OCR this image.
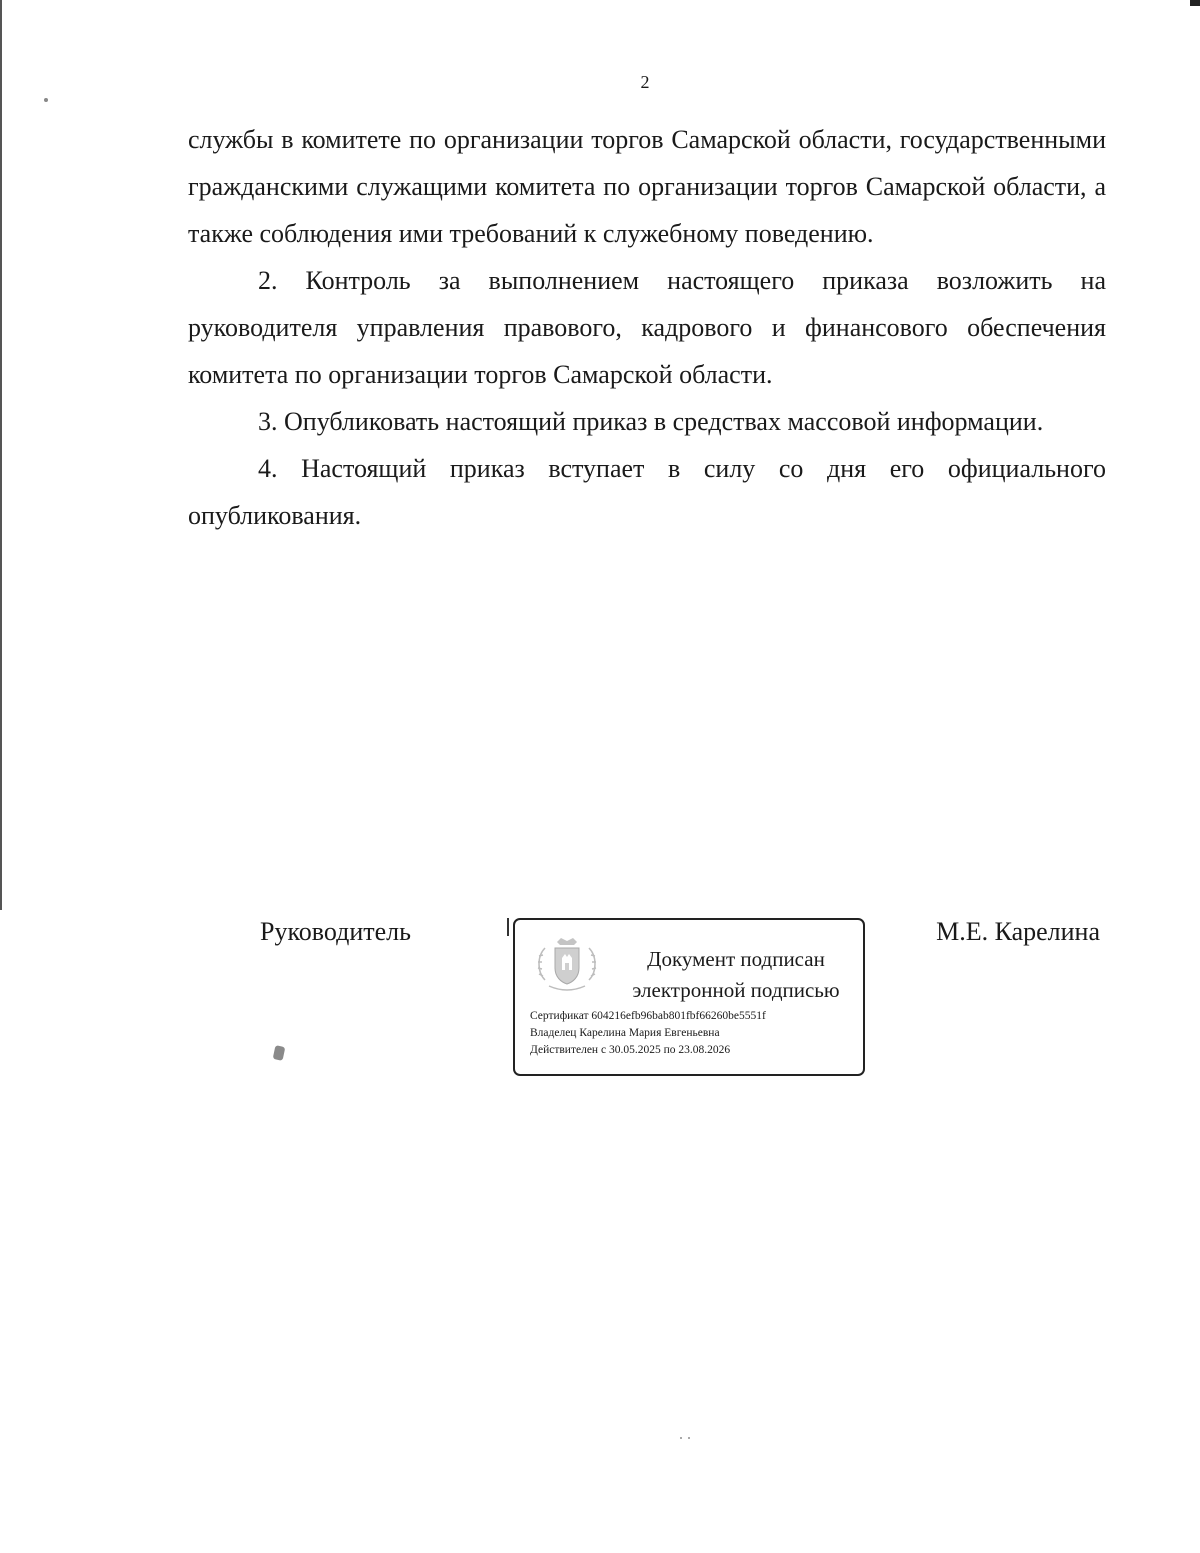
2

службы в комитете по организации торгов Самарской области, государственными гражданскими служащими комитета по организации торгов Самарской области, а также соблюдения ими требований к служебному поведению.

2. Контроль за выполнением настоящего приказа возложить на руководителя управления правового, кадрового и финансового обеспечения комитета по организации торгов Самарской области.

3. Опубликовать настоящий приказ в средствах массовой информации.

4. Настоящий приказ вступает в силу со дня его официального опубликования.

Руководитель	М.Е. Карелина
Документ подписан
электронной подписью
Сертификат 604216efb96bab801fbf66260be5551f
Владелец Карелина Мария Евгеньевна
Действителен с 30.05.2025 по 23.08.2026
